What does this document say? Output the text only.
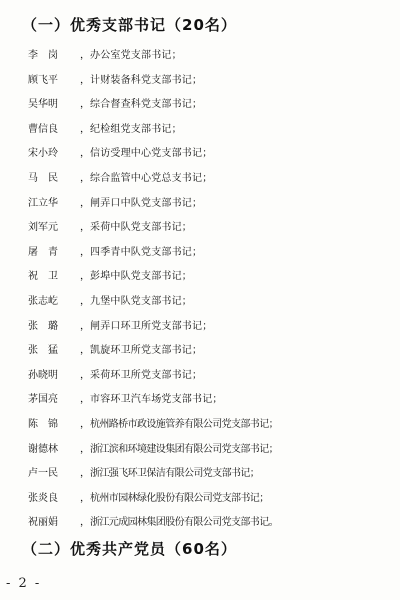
（一）优秀支部书记（20名）
李　岗 ，办公室党支部书记；
顾飞平 ，计财装备科党支部书记；
吴华明 ，综合督查科党支部书记；
曹信良 ，纪检组党支部书记；
宋小玲 ，信访受理中心党支部书记；
马　民 ，综合监管中心党总支书记；
江立华 ，闸弄口中队党支部书记；
刘军元 ，采荷中队党支部书记；
屠　青 ，四季青中队党支部书记；
祝　卫 ，彭埠中队党支部书记；
张志屹 ，九堡中队党支部书记；
张　璐 ，闸弄口环卫所党支部书记；
张　猛 ，凯旋环卫所党支部书记；
孙晓明 ，采荷环卫所党支部书记；
茅国亮 ，市容环卫汽车场党支部书记；
陈　锦 ，杭州路桥市政设施管养有限公司党支部书记；
谢德林 ，浙江滨和环境建设集团有限公司党支部书记；
卢一民 ，浙江强飞环卫保洁有限公司党支部书记；
张炎良 ，杭州市园林绿化股份有限公司党支部书记；
祝丽娟 ，浙江元成园林集团股份有限公司党支部书记。
（二）优秀共产党员（60名）
- 2 -
